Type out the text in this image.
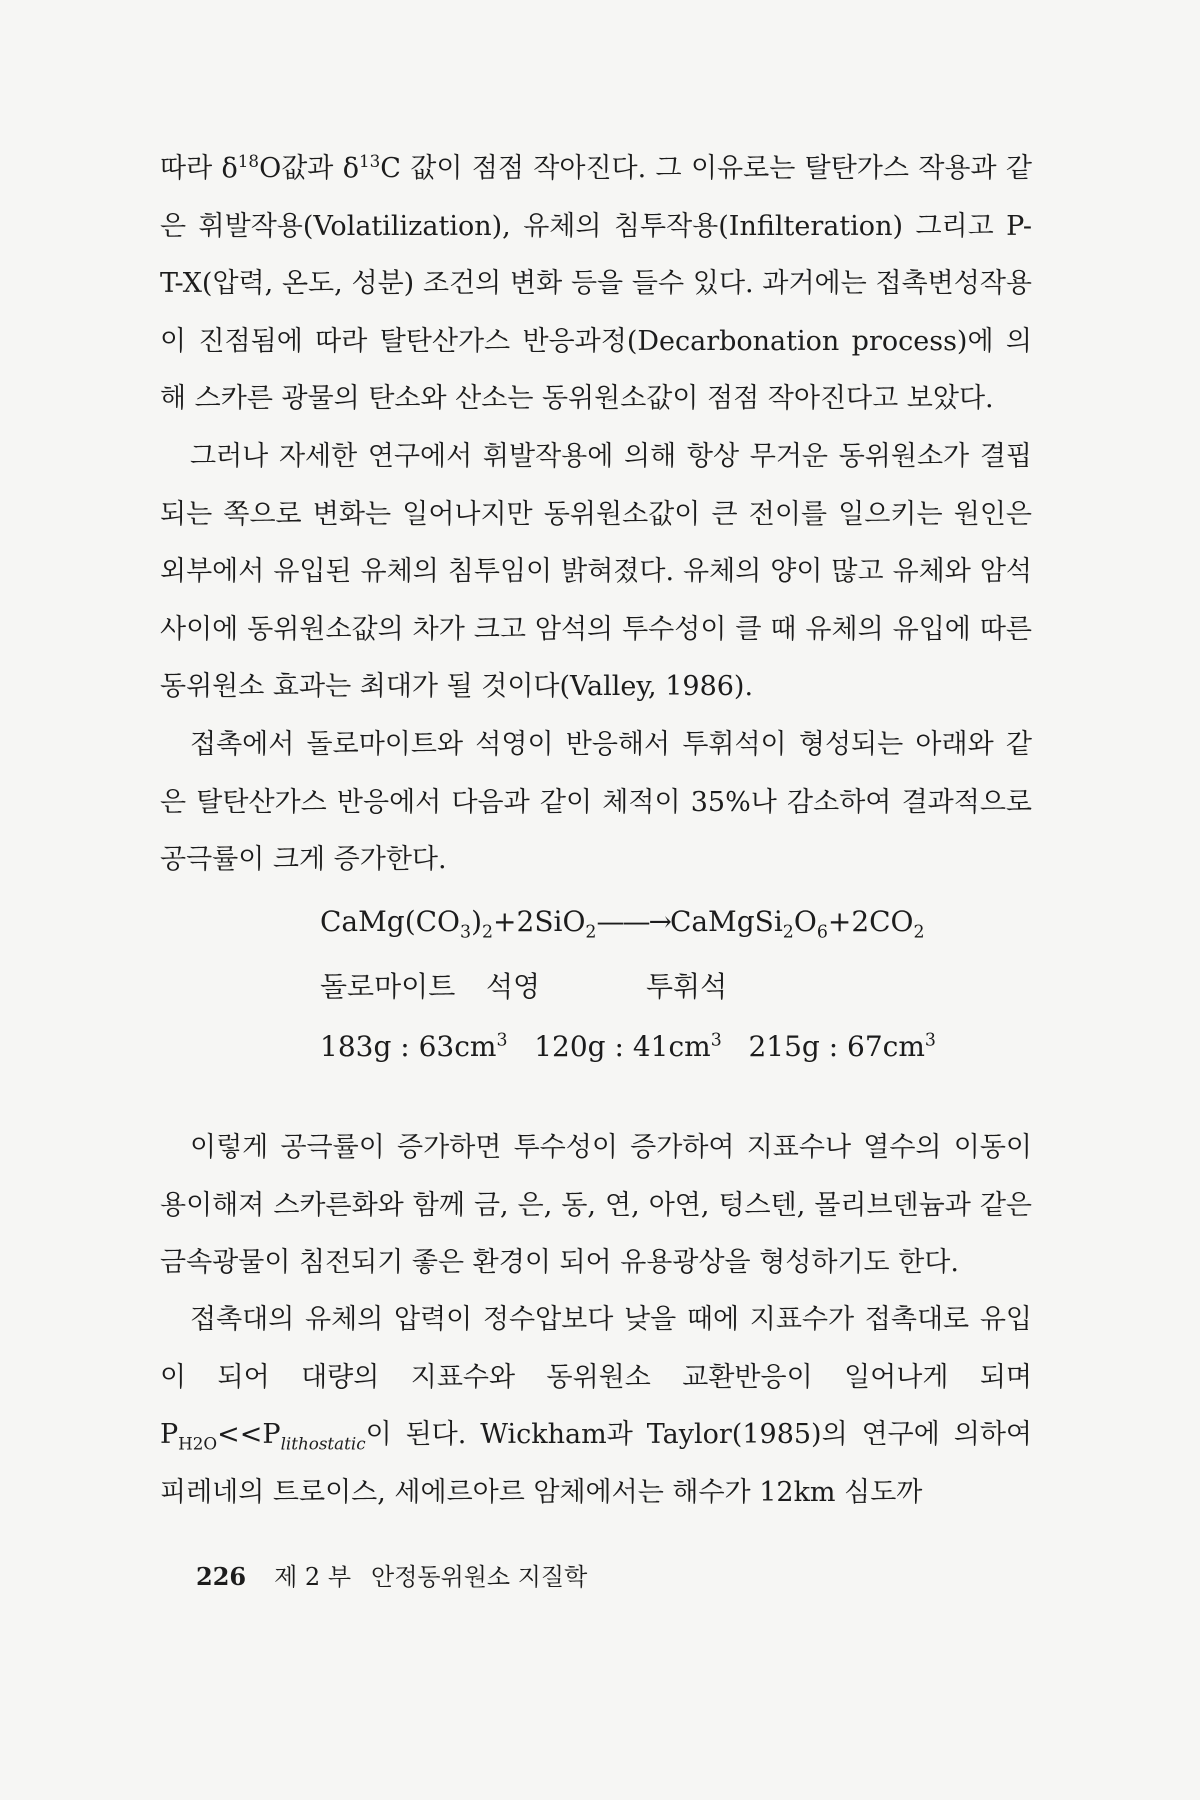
따라 $\delta^{18}O$값과 $\delta^{13}C$ 값이 점점 작아진다. 그 이유로는 탈탄가스 작용과 같은 휘발작용(Volatilization), 유체의 침투작용(Infilteration) 그리고 P-T-X(압력, 온도, 성분) 조건의 변화 등을 들수 있다. 과거에는 접촉변성작용이 진점됨에 따라 탈탄산가스 반응과정(Decarbonation process)에 의해 스카른 광물의 탄소와 산소는 동위원소값이 점점 작아진다고 보았다.

그러나 자세한 연구에서 휘발작용에 의해 항상 무거운 동위원소가 결핍되는 쪽으로 변화는 일어나지만 동위원소값이 큰 전이를 일으키는 원인은 외부에서 유입된 유체의 침투임이 밝혀졌다. 유체의 양이 많고 유체와 암석 사이에 동위원소값의 차가 크고 암석의 투수성이 클 때 유체의 유입에 따른 동위원소 효과는 최대가 될 것이다(Valley, 1986).

접촉에서 돌로마이트와 석영이 반응해서 투휘석이 형성되는 아래와 같은 탈탄산가스 반응에서 다음과 같이 체적이 35%나 감소하여 결과적으로 공극률이 크게 증가한다.

$CaMg(CO_3)_2+2SiO_2——\to CaMgSi_2O_6+2CO_2$
돌로마이트 석영	투휘석
183g : $63cm^3$ 120g : $41cm^3$ 215g : $67cm^3$

이렇게 공극률이 증가하면 투수성이 증가하여 지표수나 열수의 이동이 용이해져 스카른화와 함께 금, 은, 동, 연, 아연, 텅스텐, 몰리브덴늄과 같은 금속광물이 침전되기 좋은 환경이 되어 유용광상을 형성하기도 한다.

접촉대의 유체의 압력이 정수압보다 낮을 때에 지표수가 접촉대로 유입이 되어 대량의 지표수와 동위원소 교환반응이 일어나게 되며 $P_{H2O}<<P_{lithostatic}$이 된다. Wickham과 Taylor(1985)의 연구에 의하여 피레네의 트로이스, 세에르아르 암체에서는 해수가 12km 심도까

226 제 2 부 안정동위원소 지질학
